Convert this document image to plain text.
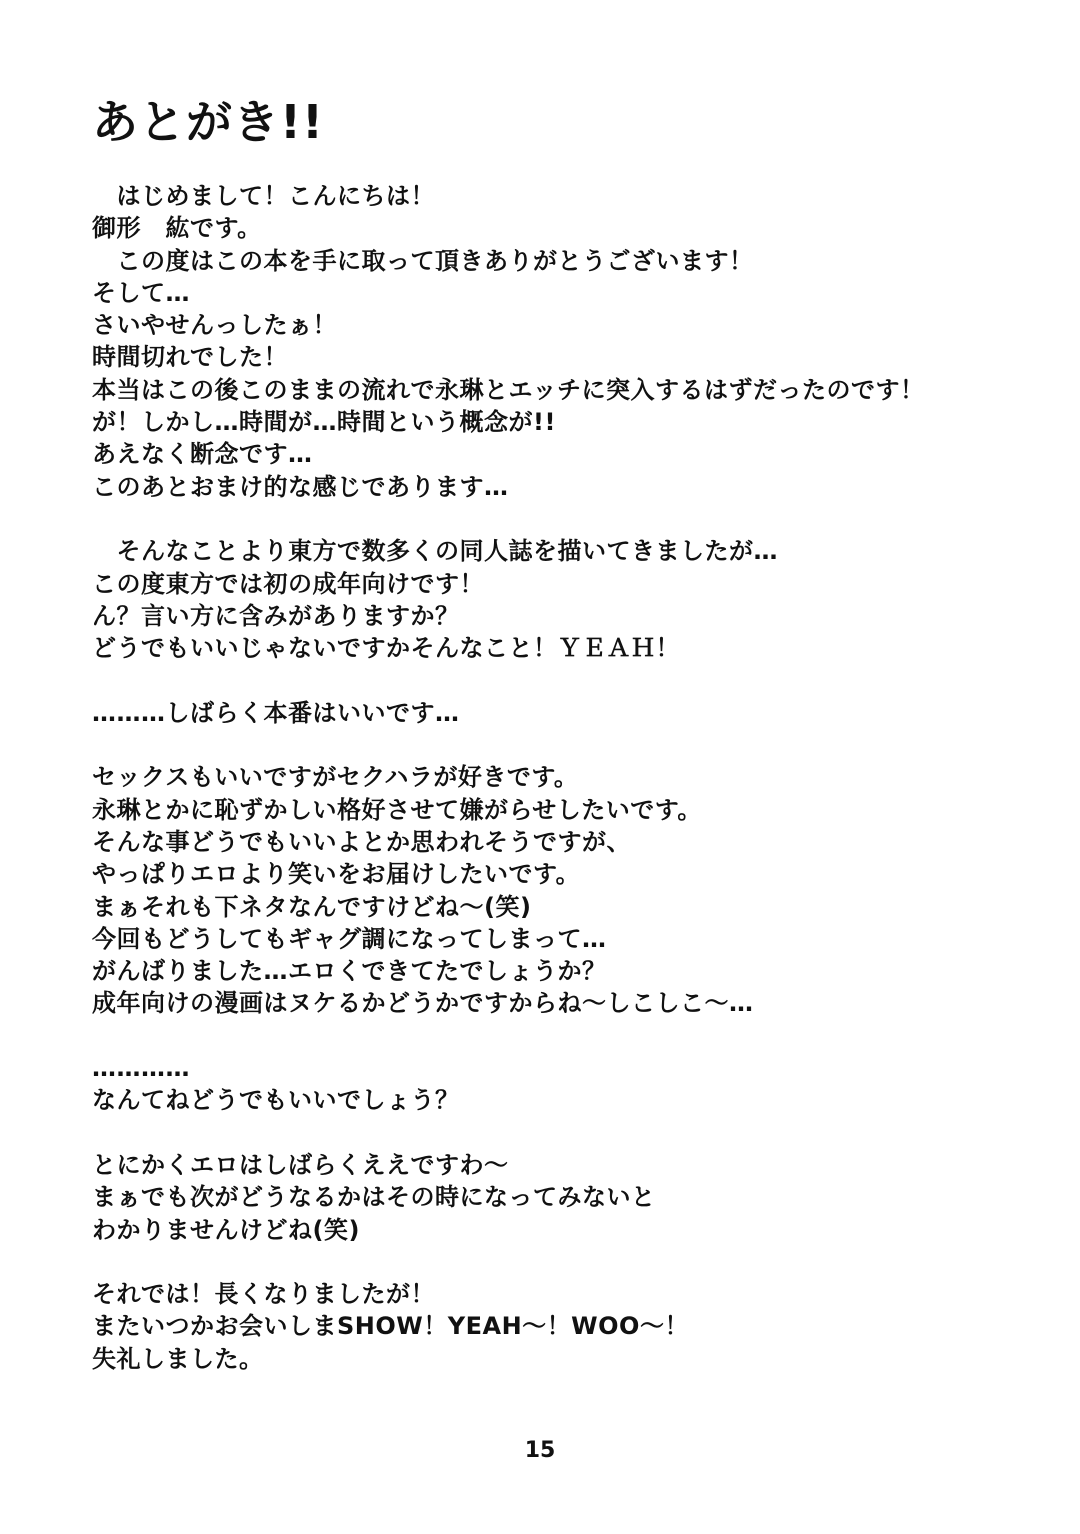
あとがき!!
　はじめまして！こんにちは！
御形　紘です。
　この度はこの本を手に取って頂きありがとうございます！
そして…
さいやせんっしたぁ！
時間切れでした！
本当はこの後このままの流れで永琳とエッチに突入するはずだったのです！
が！しかし…時間が…時間という概念が!!
あえなく断念です…
このあとおまけ的な感じであります…
　そんなことより東方で数多くの同人誌を描いてきましたが…
この度東方では初の成年向けです！
ん？言い方に含みがありますか？
どうでもいいじゃないですかそんなこと！ＹＥＡＨ！
………しばらく本番はいいです…
セックスもいいですがセクハラが好きです。
永琳とかに恥ずかしい格好させて嫌がらせしたいです。
そんな事どうでもいいよとか思われそうですが、
やっぱりエロより笑いをお届けしたいです。
まぁそれも下ネタなんですけどね～(笑)
今回もどうしてもギャグ調になってしまって…
がんばりました…エロくできてたでしょうか？
成年向けの漫画はヌケるかどうかですからね～しこしこ～…
…………
なんてねどうでもいいでしょう？
とにかくエロはしばらくええですわ～
まぁでも次がどうなるかはその時になってみないと
わかりませんけどね(笑)
それでは！長くなりましたが！
またいつかお会いしまSHOW！YEAH～！WOO～！
失礼しました。
15
